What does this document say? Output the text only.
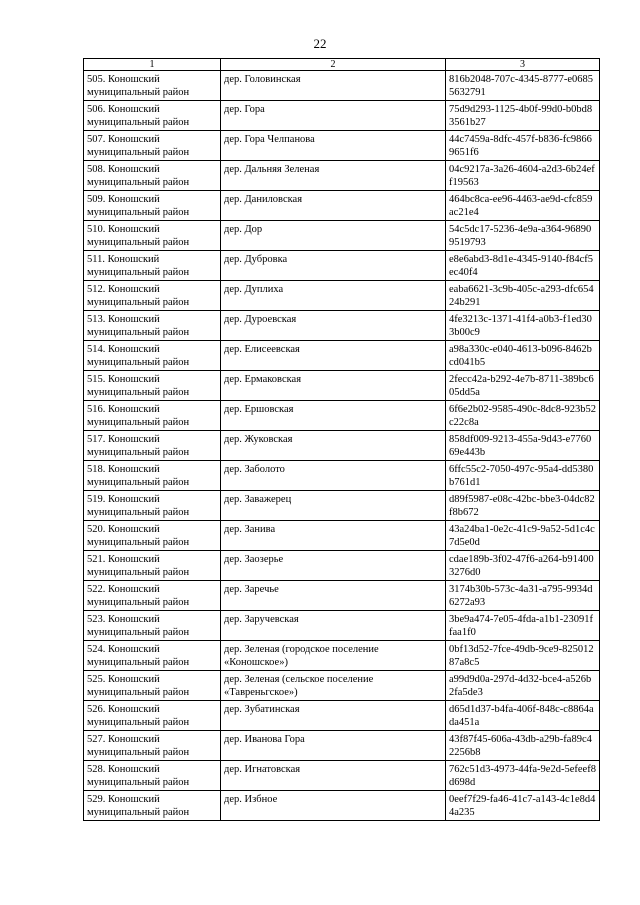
22
1	2	3

505. Коношский муниципальный район	дер. Головинская	816b2048-707c-4345-8777-e06855632791

506. Коношский муниципальный район	дер. Гора	75d9d293-1125-4b0f-99d0-b0bd83561b27

507. Коношский муниципальный район	дер. Гора Челпанова	44c7459a-8dfc-457f-b836-fc98669651f6

508. Коношский муниципальный район	дер. Дальняя Зеленая	04c9217a-3a26-4604-a2d3-6b24eff19563

509. Коношский муниципальный район	дер. Даниловская	464bc8ca-ee96-4463-ae9d-cfc859ac21e4

510. Коношский муниципальный район	дер. Дор	54c5dc17-5236-4e9a-a364-968909519793

511. Коношский муниципальный район	дер. Дубровка	e8e6abd3-8d1e-4345-9140-f84cf5ec40f4

512. Коношский муниципальный район	дер. Дуплиха	eaba6621-3c9b-405c-a293-dfc65424b291

513. Коношский муниципальный район	дер. Дуроевская	4fe3213c-1371-41f4-a0b3-f1ed303b00c9

514. Коношский муниципальный район	дер. Елисеевская	a98a330c-e040-4613-b096-8462bcd041b5

515. Коношский муниципальный район	дер. Ермаковская	2fecc42a-b292-4e7b-8711-389bc605dd5a

516. Коношский муниципальный район	дер. Ершовская	6f6e2b02-9585-490c-8dc8-923b52c22c8a

517. Коношский муниципальный район	дер. Жуковская	858df009-9213-455a-9d43-e776069e443b

518. Коношский муниципальный район	дер. Заболото	6ffc55c2-7050-497c-95a4-dd5380b761d1

519. Коношский муниципальный район	дер. Заважерец	d89f5987-e08c-42bc-bbe3-04dc82f8b672

520. Коношский муниципальный район	дер. Занива	43a24ba1-0e2c-41c9-9a52-5d1c4c7d5e0d

521. Коношский муниципальный район	дер. Заозерье	cdae189b-3f02-47f6-a264-b914003276d0

522. Коношский муниципальный район	дер. Заречье	3174b30b-573c-4a31-a795-9934d6272a93

523. Коношский муниципальный район	дер. Заручевская	3be9a474-7e05-4fda-a1b1-23091ffaa1f0

524. Коношский муниципальный район	дер. Зеленая (городское поселение «Коношское»)	0bf13d52-7fce-49db-9ce9-82501287a8c5

525. Коношский муниципальный район	дер. Зеленая (сельское поселение «Тавреньгское»)	a99d9d0a-297d-4d32-bce4-a526b2fa5de3

526. Коношский муниципальный район	дер. Зубатинская	d65d1d37-b4fa-406f-848c-c8864ada451a

527. Коношский муниципальный район	дер. Иванова Гора	43f87f45-606a-43db-a29b-fa89c42256b8

528. Коношский муниципальный район	дер. Игнатовская	762c51d3-4973-44fa-9e2d-5efeef8d698d

529. Коношский муниципальный район	дер. Избное	0eef7f29-fa46-41c7-a143-4c1e8d44a235
